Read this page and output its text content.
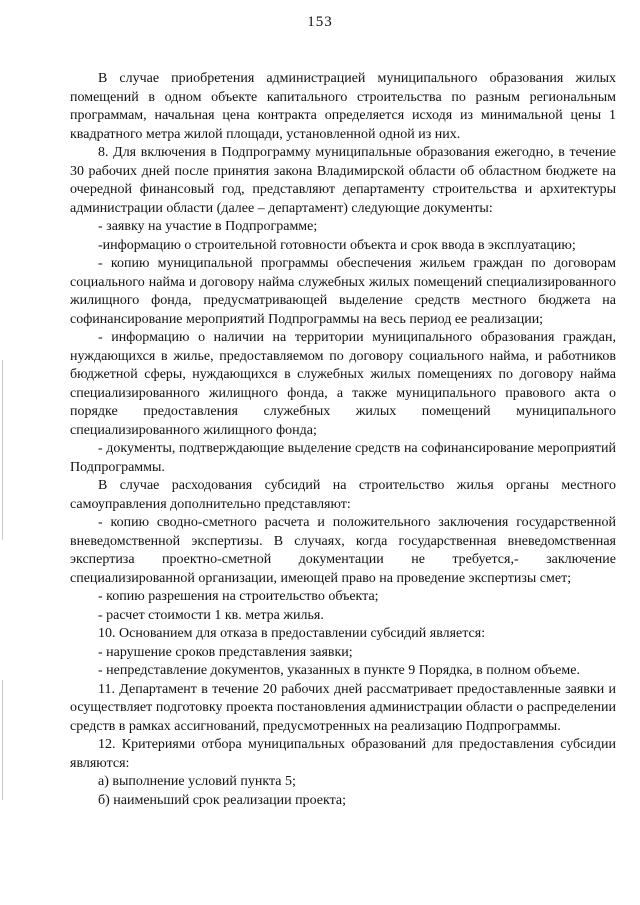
153

В случае приобретения администрацией муниципального образования жилых помещений в одном объекте капитального строительства по разным региональным программам, начальная цена контракта определяется исходя из минимальной цены 1 квадратного метра жилой площади, установленной одной из них.

8. Для включения в Подпрограмму муниципальные образования ежегодно, в течение 30 рабочих дней после принятия закона Владимирской области об областном бюджете на очередной финансовый год, представляют департаменту строительства и архитектуры администрации области (далее – департамент) следующие документы:

- заявку на участие в Подпрограмме;

-информацию о строительной готовности объекта и срок ввода в эксплуатацию;

- копию муниципальной программы обеспечения жильем граждан по договорам социального найма и договору найма служебных жилых помещений специализированного жилищного фонда, предусматривающей выделение средств местного бюджета на софинансирование мероприятий Подпрограммы на весь период ее реализации;

- информацию о наличии на территории муниципального образования граждан, нуждающихся в жилье, предоставляемом по договору социального найма, и работников бюджетной сферы, нуждающихся в служебных жилых помещениях по договору найма специализированного жилищного фонда, а также муниципального правового акта о порядке предоставления служебных жилых помещений муниципального специализированного жилищного фонда;

- документы, подтверждающие выделение средств на софинансирование мероприятий Подпрограммы.

В случае расходования субсидий на строительство жилья органы местного самоуправления дополнительно представляют:

- копию сводно-сметного расчета и положительного заключения государственной вневедомственной экспертизы. В случаях, когда государственная вневедомственная экспертиза проектно-сметной документации не требуется,- заключение специализированной организации, имеющей право на проведение экспертизы смет;

- копию разрешения на строительство объекта;

- расчет стоимости 1 кв. метра жилья.

10. Основанием для отказа в предоставлении субсидий является:

- нарушение сроков представления заявки;

- непредставление документов, указанных в пункте 9 Порядка, в полном объеме.

11. Департамент в течение 20 рабочих дней рассматривает предоставленные заявки и осуществляет подготовку проекта постановления администрации области о распределении средств в рамках ассигнований, предусмотренных на реализацию Подпрограммы.

12. Критериями отбора муниципальных образований для предоставления субсидии являются:

а) выполнение условий пункта 5;

б) наименьший срок реализации проекта;
